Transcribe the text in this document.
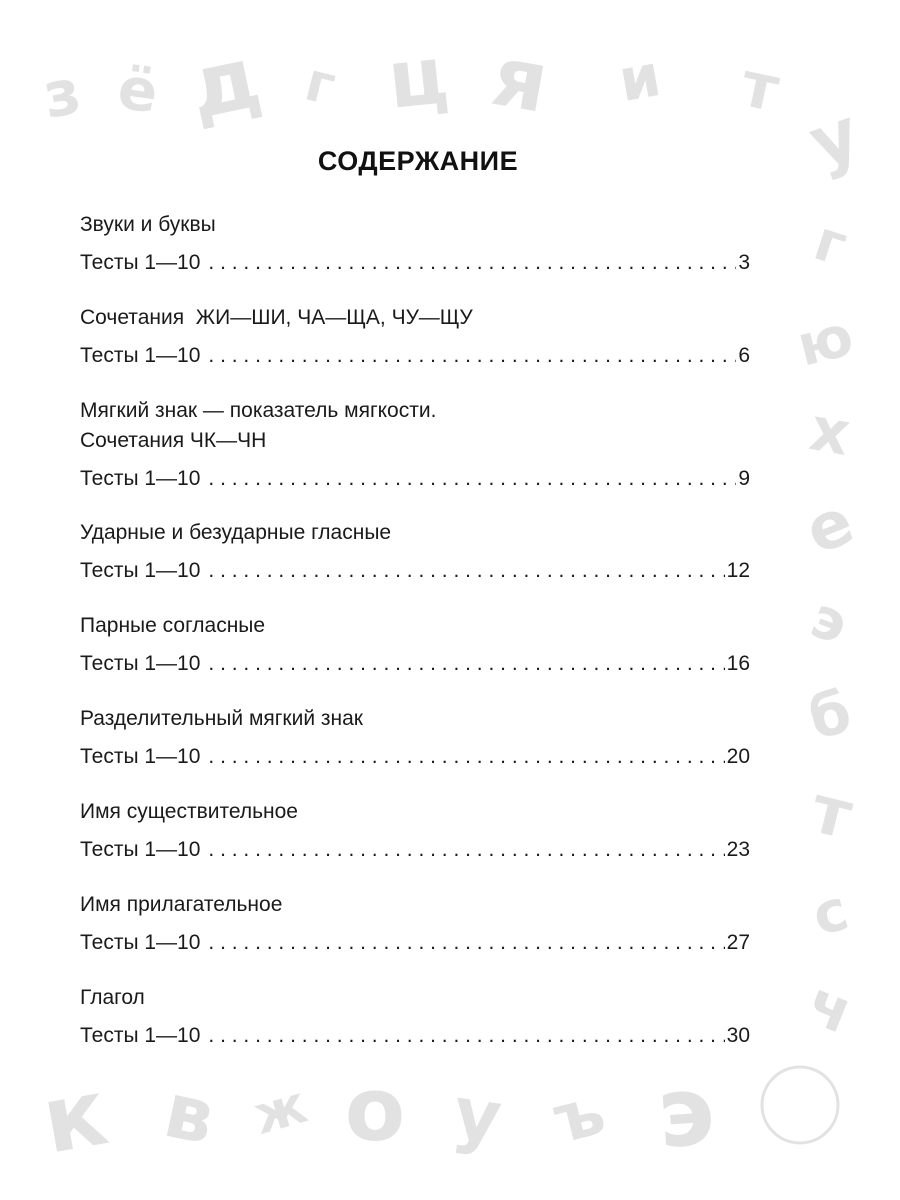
з ё д г ц я и т
у
г
ю
х
е
э
б
т
с
ч
к в ж о у ъ э
СОДЕРЖАНИЕ
Звуки и буквы
Тесты 1—10 . . .	3
Сочетания  ЖИ—ШИ, ЧА—ЩА, ЧУ—ЩУ
Тесты 1—10 . . .	6
Мягкий знак — показатель мягкости.
Сочетания ЧК—ЧН
Тесты 1—10 . . .	9
Ударные и безударные гласные
Тесты 1—10 . . .	12
Парные согласные
Тесты 1—10 . . .	16
Разделительный мягкий знак
Тесты 1—10 . . .	20
Имя существительное
Тесты 1—10 . . .	23
Имя прилагательное
Тесты 1—10 . . .	27
Глагол
Тесты 1—10 . . .	30
